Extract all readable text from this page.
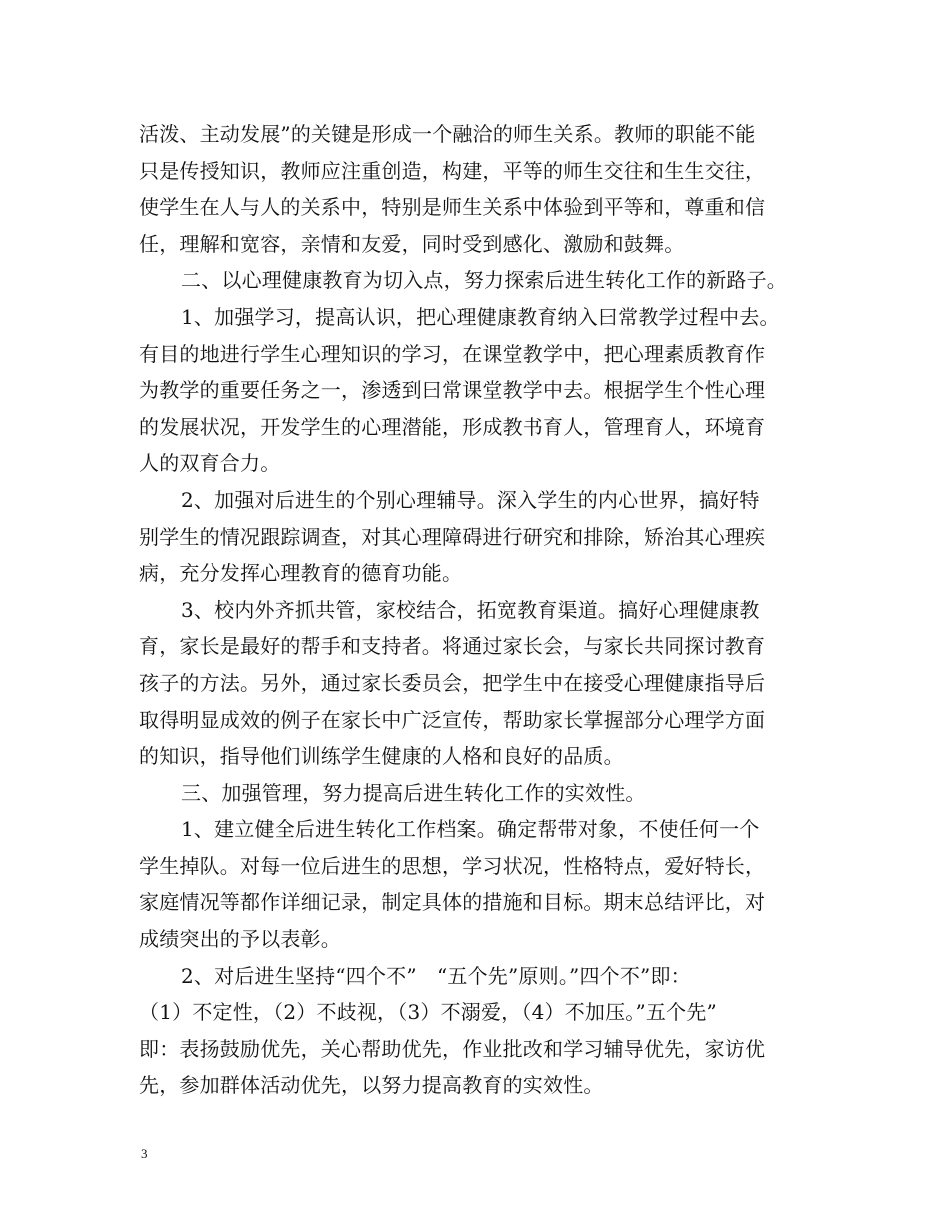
活泼、主动发展”的关键是形成一个融洽的师生关系。教师的职能不能
只是传授知识，教师应注重创造，构建，平等的师生交往和生生交往，
使学生在人与人的关系中，特别是师生关系中体验到平等和，尊重和信
任，理解和宽容，亲情和友爱，同时受到感化、激励和鼓舞。
二、以心理健康教育为切入点，努力探索后进生转化工作的新路子。
1、加强学习，提高认识，把心理健康教育纳入曰常教学过程中去。
有目的地进行学生心理知识的学习，在课堂教学中，把心理素质教育作
为教学的重要任务之一，渗透到曰常课堂教学中去。根据学生个性心理
的发展状况，开发学生的心理潜能，形成教书育人，管理育人，环境育
人的双育合力。
2、加强对后进生的个别心理辅导。深入学生的内心世界，搞好特
别学生的情况跟踪调查，对其心理障碍进行研究和排除，矫治其心理疾
病，充分发挥心理教育的德育功能。
3、校内外齐抓共管，家校结合，拓宽教育渠道。搞好心理健康教
育，家长是最好的帮手和支持者。将通过家长会，与家长共同探讨教育
孩子的方法。另外，通过家长委员会，把学生中在接受心理健康指导后
取得明显成效的例子在家长中广泛宣传，帮助家长掌握部分心理学方面
的知识，指导他们训练学生健康的人格和良好的品质。
三、加强管理，努力提高后进生转化工作的实效性。
1、建立健全后进生转化工作档案。确定帮带对象，不使任何一个
学生掉队。对每一位后进生的思想，学习状况，性格特点，爱好特长，
家庭情况等都作详细记录，制定具体的措施和目标。期末总结评比，对
成绩突出的予以表彰。
2、对后进生坚持“四个不”　“五个先”原则。”四个不”即：
（1）不定性，（2）不歧视，（3）不溺爱，（4）不加压。”五个先”
即：表扬鼓励优先，关心帮助优先，作业批改和学习辅导优先，家访优
先，参加群体活动优先，以努力提高教育的实效性。
3
